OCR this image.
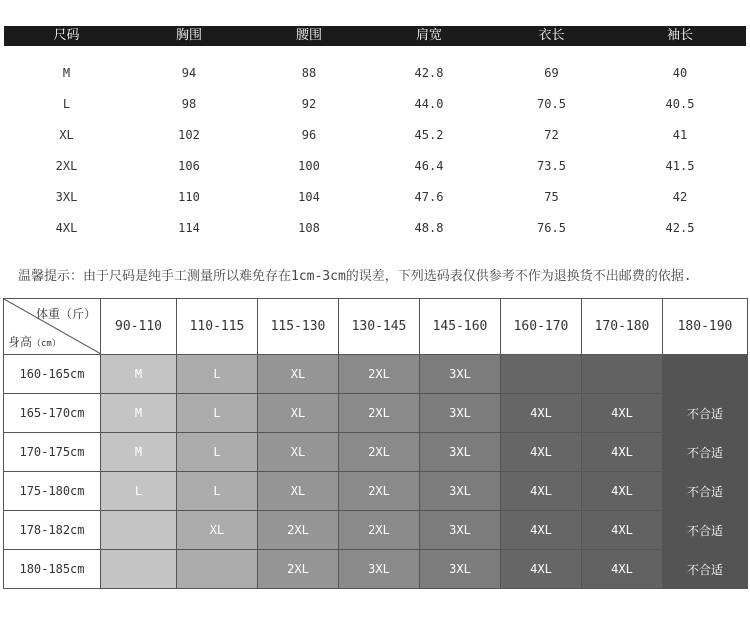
尺码	胸围	腰围	肩宽	衣长	袖长
M	94	88	42.8	69	40
L	98	92	44.0	70.5	40.5
XL	102	96	45.2	72	41
2XL	106	100	46.4	73.5	41.5
3XL	110	104	47.6	75	42
4XL	114	108	48.8	76.5	42.5
温馨提示：由于尺码是纯手工测量所以难免存在1cm-3cm的误差，下列选码表仅供参考不作为退换货不出邮费的依据.
体重（斤）
身高（cm）	90-110	110-115	115-130	130-145	145-160	160-170	170-180	180-190
160-165cm	M	L	XL	2XL	3XL			
165-170cm	M	L	XL	2XL	3XL	4XL	4XL	不合适
170-175cm	M	L	XL	2XL	3XL	4XL	4XL	不合适
175-180cm	L	L	XL	2XL	3XL	4XL	4XL	不合适
178-182cm		XL	2XL	2XL	3XL	4XL	4XL	不合适
180-185cm			2XL	3XL	3XL	4XL	4XL	不合适
